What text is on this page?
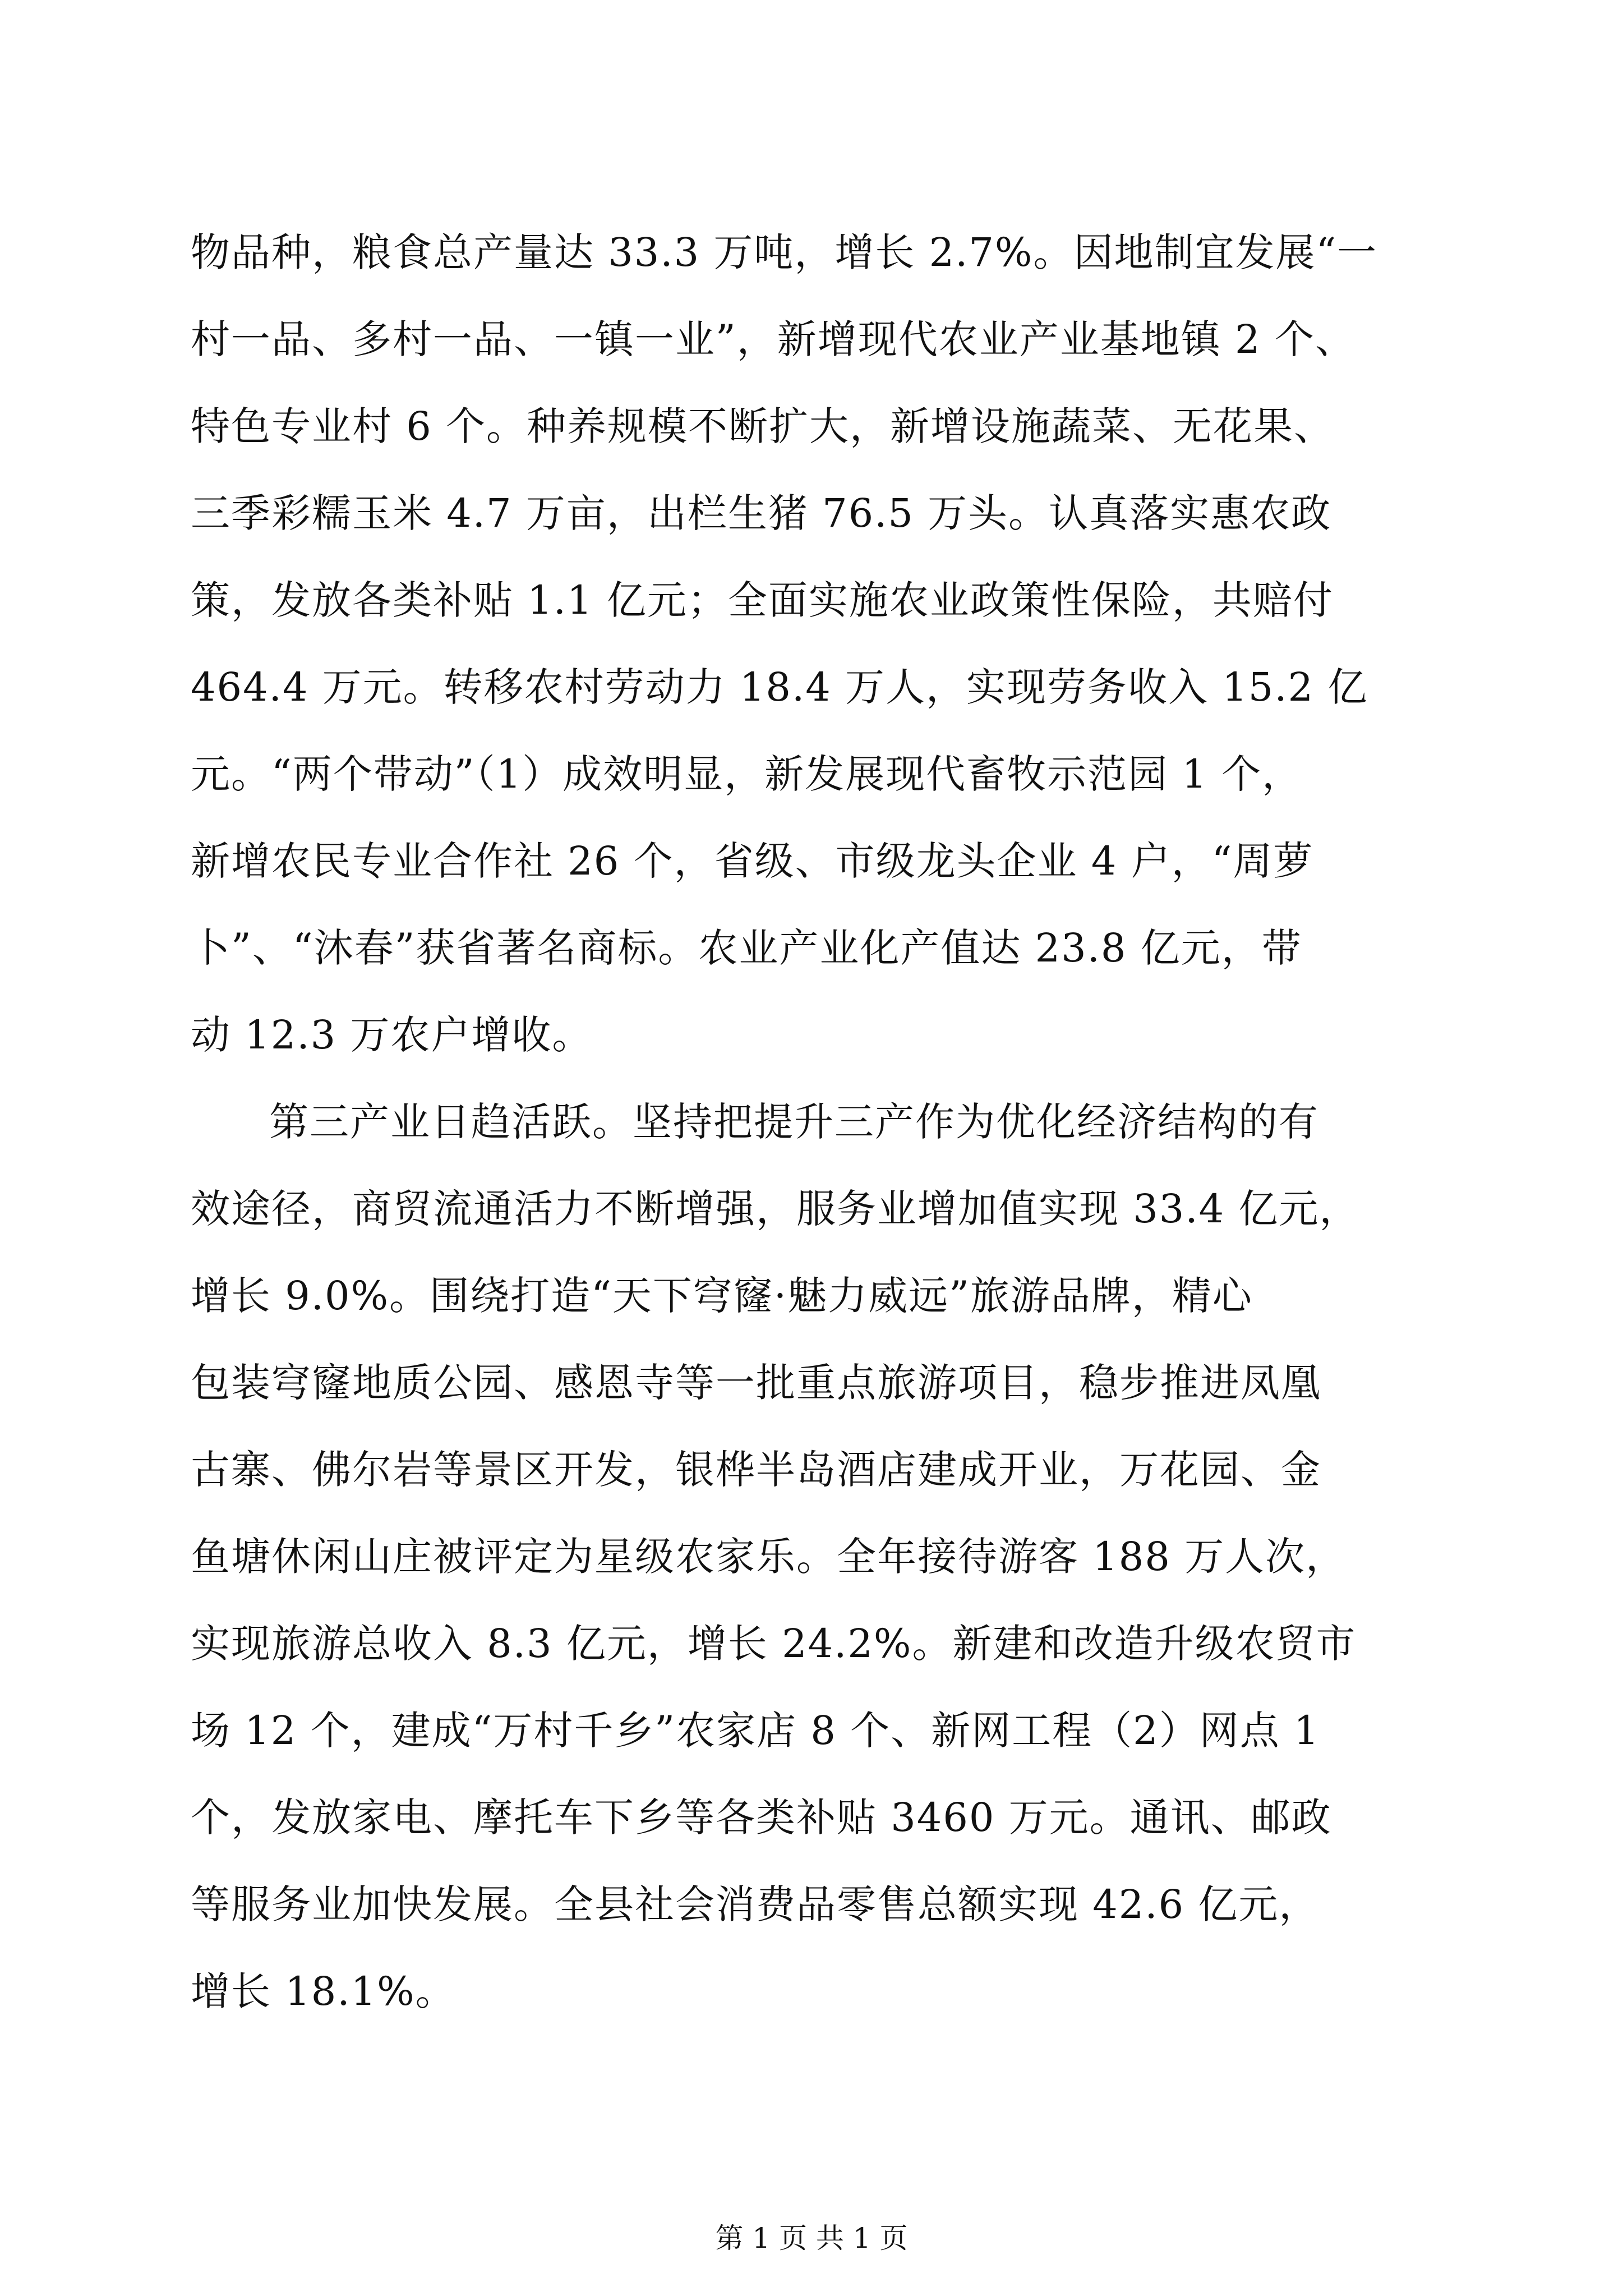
物品种，粮食总产量达 33.3 万吨，增长 2.7%。因地制宜发展“一
村一品、多村一品、一镇一业”，新增现代农业产业基地镇 2 个、
特色专业村 6 个。种养规模不断扩大，新增设施蔬菜、无花果、
三季彩糯玉米 4.7 万亩，出栏生猪 76.5 万头。认真落实惠农政
策，发放各类补贴 1.1 亿元；全面实施农业政策性保险，共赔付
464.4 万元。转移农村劳动力 18.4 万人，实现劳务收入 15.2 亿
元。“两个带动”（1）成效明显，新发展现代畜牧示范园 1 个，
新增农民专业合作社 26 个，省级、市级龙头企业 4 户，“周萝
卜”、“沐春”获省著名商标。农业产业化产值达 23.8 亿元，带
动 12.3 万农户增收。
第三产业日趋活跃。坚持把提升三产作为优化经济结构的有
效途径，商贸流通活力不断增强，服务业增加值实现 33.4 亿元，
增长 9.0%。围绕打造“天下穹窿·魅力威远”旅游品牌，精心
包装穹窿地质公园、感恩寺等一批重点旅游项目，稳步推进凤凰
古寨、佛尔岩等景区开发，银桦半岛酒店建成开业，万花园、金
鱼塘休闲山庄被评定为星级农家乐。全年接待游客 188 万人次，
实现旅游总收入 8.3 亿元，增长 24.2%。新建和改造升级农贸市
场 12 个，建成“万村千乡”农家店 8 个、新网工程（2）网点 1
个，发放家电、摩托车下乡等各类补贴 3460 万元。通讯、邮政
等服务业加快发展。全县社会消费品零售总额实现 42.6 亿元，
增长 18.1%。
第 1 页 共 1 页
